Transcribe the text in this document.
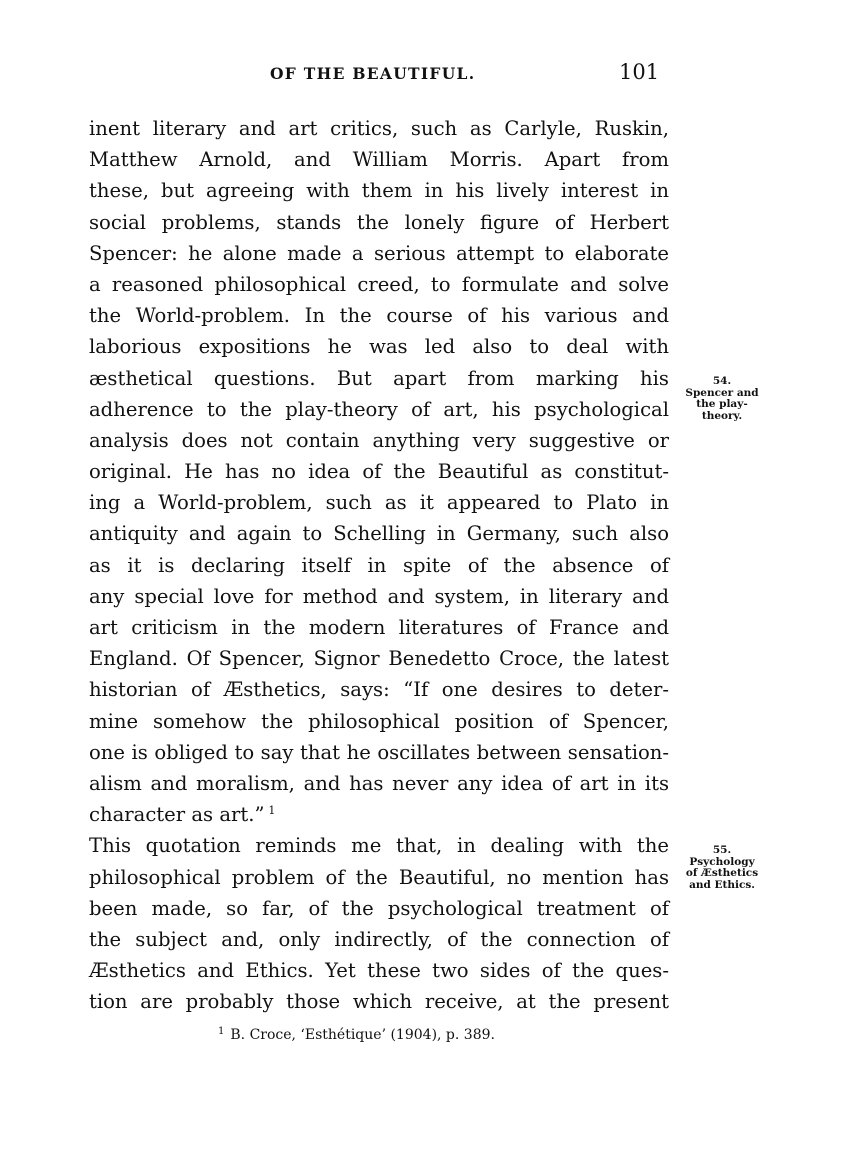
OF THE BEAUTIFUL.	101
inent literary and art critics, such as Carlyle, Ruskin,
Matthew Arnold, and William Morris. Apart from
these, but agreeing with them in his lively interest in
social problems, stands the lonely figure of Herbert
Spencer: he alone made a serious attempt to elaborate
a reasoned philosophical creed, to formulate and solve
the World-problem. In the course of his various and
laborious expositions he was led also to deal with
æsthetical questions. But apart from marking his
adherence to the play-theory of art, his psychological
analysis does not contain anything very suggestive or
original. He has no idea of the Beautiful as constitut-
ing a World-problem, such as it appeared to Plato in
antiquity and again to Schelling in Germany, such also
as it is declaring itself in spite of the absence of
any special love for method and system, in literary and
art criticism in the modern literatures of France and
England. Of Spencer, Signor Benedetto Croce, the latest
historian of Æsthetics, says: “If one desires to deter-
mine somehow the philosophical position of Spencer,
one is obliged to say that he oscillates between sensation-
alism and moralism, and has never any idea of art in its
character as art.”  $^1$
This quotation reminds me that, in dealing with the
philosophical problem of the Beautiful, no mention has
been made, so far, of the psychological treatment of
the subject and, only indirectly, of the connection of
Æsthetics and Ethics. Yet these two sides of the ques-
tion are probably those which receive, at the present
54.
Spencer and
the play-
theory.
55.
Psychology
of Æsthetics
and Ethics.
$^1$ B. Croce, ‘Esthétique’ (1904), p. 389.
